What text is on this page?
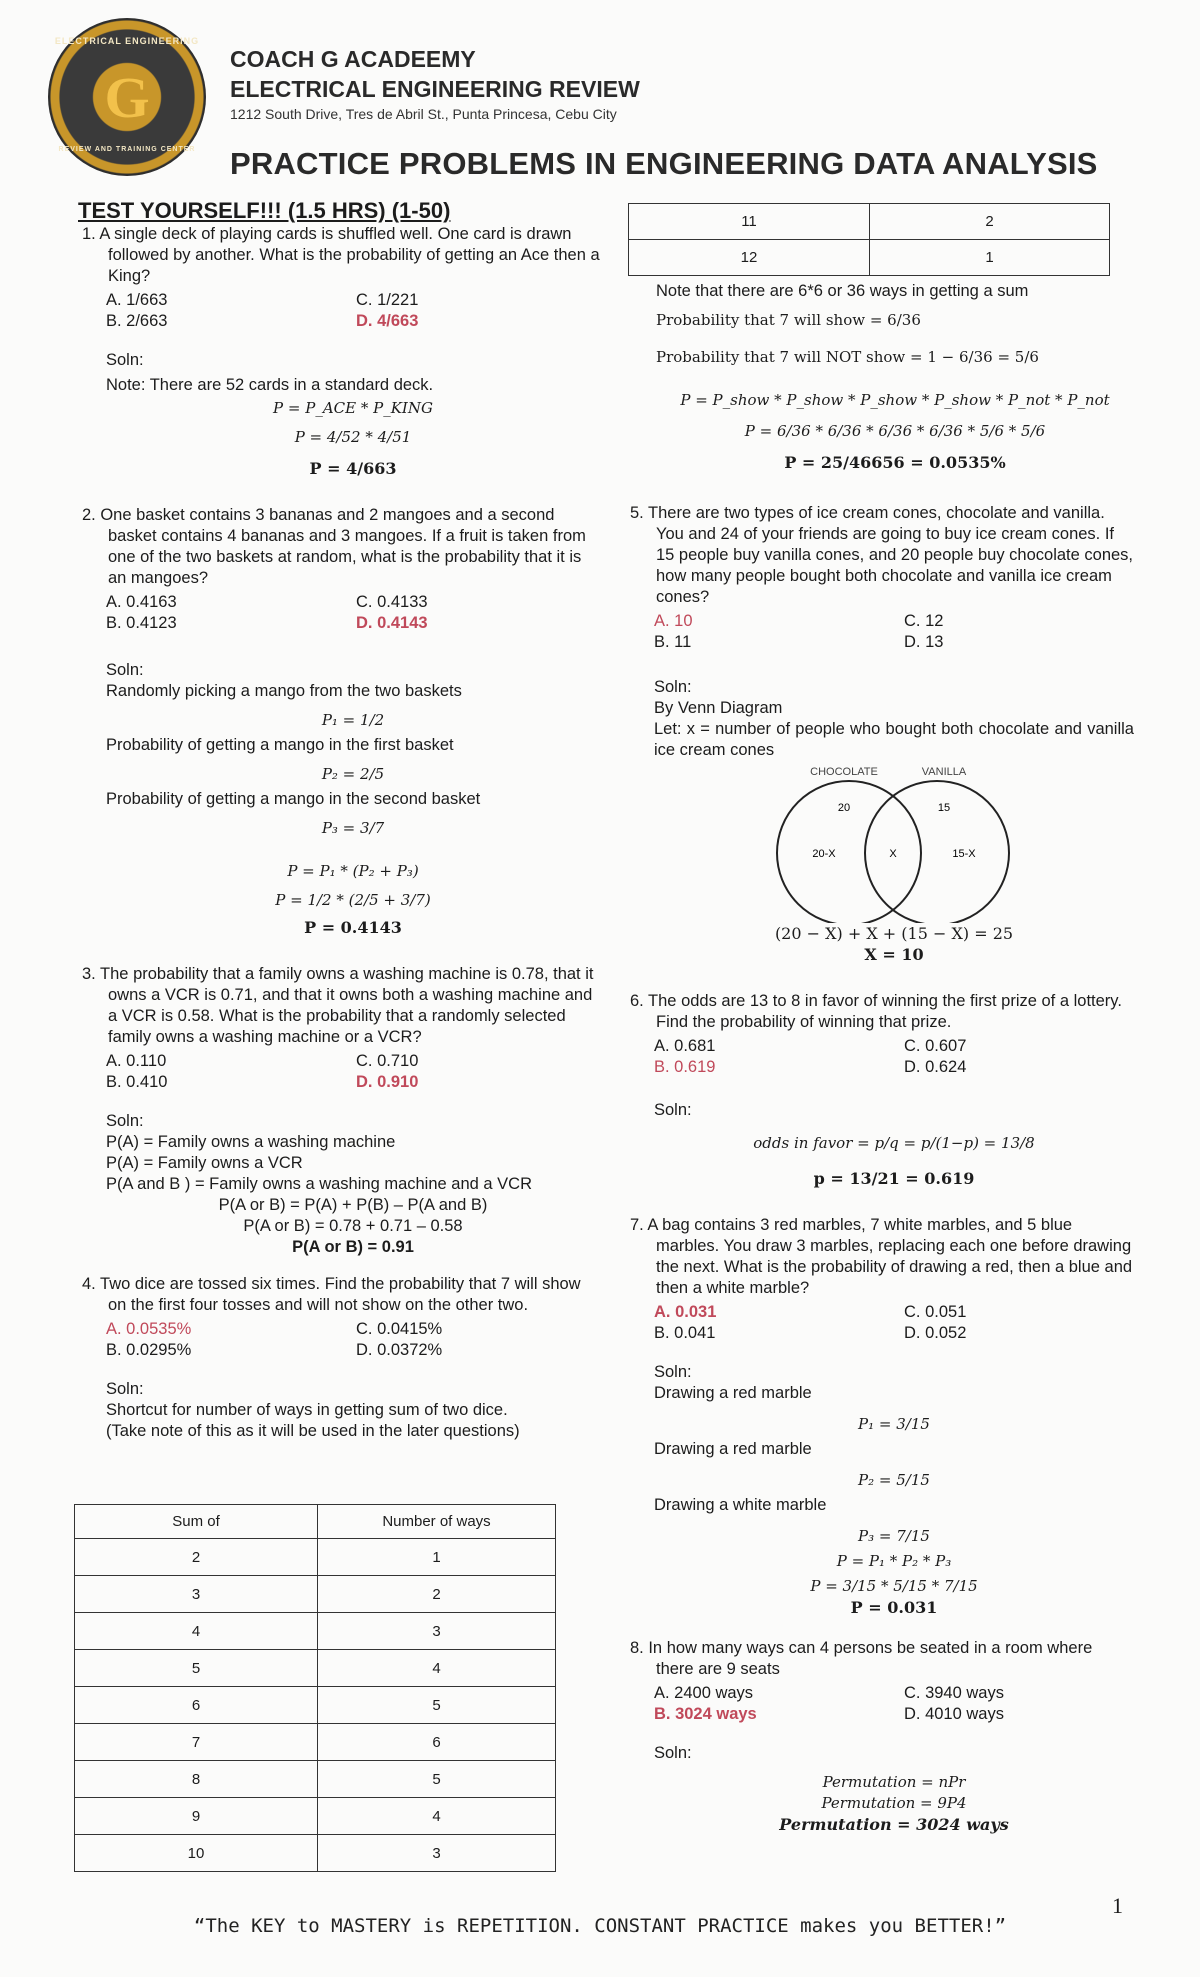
ELECTRICAL ENGINEERING
G
REVIEW AND TRAINING CENTER
COACH G ACADEEMY
ELECTRICAL ENGINEERING REVIEW
1212 South Drive, Tres de Abril St., Punta Princesa, Cebu City
PRACTICE PROBLEMS IN ENGINEERING DATA ANALYSIS
TEST YOURSELF!!! (1.5 HRS) (1-50)
1. A single deck of playing cards is shuffled well. One card is drawn followed by another. What is the probability of getting an Ace then a King?
A. 1/663	C. 1/221
B. 2/663	D. 4/663
Soln:
Note: There are 52 cards in a standard deck.
P = P_ACE * P_KING
P = 4/52 * 4/51
P = 4/663
2. One basket contains 3 bananas and 2 mangoes and a second basket contains 4 bananas and 3 mangoes. If a fruit is taken from one of the two baskets at random, what is the probability that it is an mangoes?
A. 0.4163	C. 0.4133
B. 0.4123	D. 0.4143
Soln:
Randomly picking a mango from the two baskets
P₁ = 1/2
Probability of getting a mango in the first basket
P₂ = 2/5
Probability of getting a mango in the second basket
P₃ = 3/7
P = P₁ * (P₂ + P₃)
P = 1/2 * (2/5 + 3/7)
P = 0.4143
3. The probability that a family owns a washing machine is 0.78, that it owns a VCR is 0.71, and that it owns both a washing machine and a VCR is 0.58. What is the probability that a randomly selected family owns a washing machine or a VCR?
A. 0.110	C. 0.710
B. 0.410	D. 0.910
Soln:
P(A) = Family owns a washing machine
P(A) = Family owns a VCR
P(A and B ) = Family owns a washing machine and a VCR
P(A or B) = P(A) + P(B) – P(A and B)
P(A or B) = 0.78 + 0.71 – 0.58
P(A or B) = 0.91
4. Two dice are tossed six times. Find the probability that 7 will show on the first four tosses and will not show on the other two.
A. 0.0535%	C. 0.0415%
B. 0.0295%	D. 0.0372%
Soln:
Shortcut for number of ways in getting sum of two dice.
(Take note of this as it will be used in the later questions)
Sum of	Number of ways
2	1
3	2
4	3
5	4
6	5
7	6
8	5
9	4
10	3
11	2
12	1
Note that there are 6*6 or 36 ways in getting a sum
Probability that 7 will show = 6/36
Probability that 7 will NOT show = 1 − 6/36 = 5/6
P = P_show * P_show * P_show * P_show * P_not * P_not
P = 6/36 * 6/36 * 6/36 * 6/36 * 5/6 * 5/6
P = 25/46656 = 0.0535%
5. There are two types of ice cream cones, chocolate and vanilla. You and 24 of your friends are going to buy ice cream cones. If 15 people buy vanilla cones, and 20 people buy chocolate cones, how many people bought both chocolate and vanilla ice cream cones?
A. 10	C. 12
B. 11	D. 13
Soln:
By Venn Diagram
Let: x = number of people who bought both chocolate and vanilla ice cream cones
CHOCOLATE	VANILLA
20	15
20-X	X	15-X
(20 − X) + X + (15 − X) = 25
X = 10
6. The odds are 13 to 8 in favor of winning the first prize of a lottery. Find the probability of winning that prize.
A. 0.681	C. 0.607
B. 0.619	D. 0.624
Soln:
odds in favor = p/q = p/(1−p) = 13/8
p = 13/21 = 0.619
7. A bag contains 3 red marbles, 7 white marbles, and 5 blue marbles. You draw 3 marbles, replacing each one before drawing the next. What is the probability of drawing a red, then a blue and then a white marble?
A. 0.031	C. 0.051
B. 0.041	D. 0.052
Soln:
Drawing a red marble
P₁ = 3/15
Drawing a red marble
P₂ = 5/15
Drawing a white marble
P₃ = 7/15
P = P₁ * P₂ * P₃
P = 3/15 * 5/15 * 7/15
P = 0.031
8. In how many ways can 4 persons be seated in a room where there are 9 seats
A. 2400 ways	C. 3940 ways
B. 3024 ways	D. 4010 ways
Soln:
Permutation = nPr
Permutation = 9P4
Permutation = 3024 ways
1
“The KEY to MASTERY is REPETITION. CONSTANT PRACTICE makes you BETTER!”
